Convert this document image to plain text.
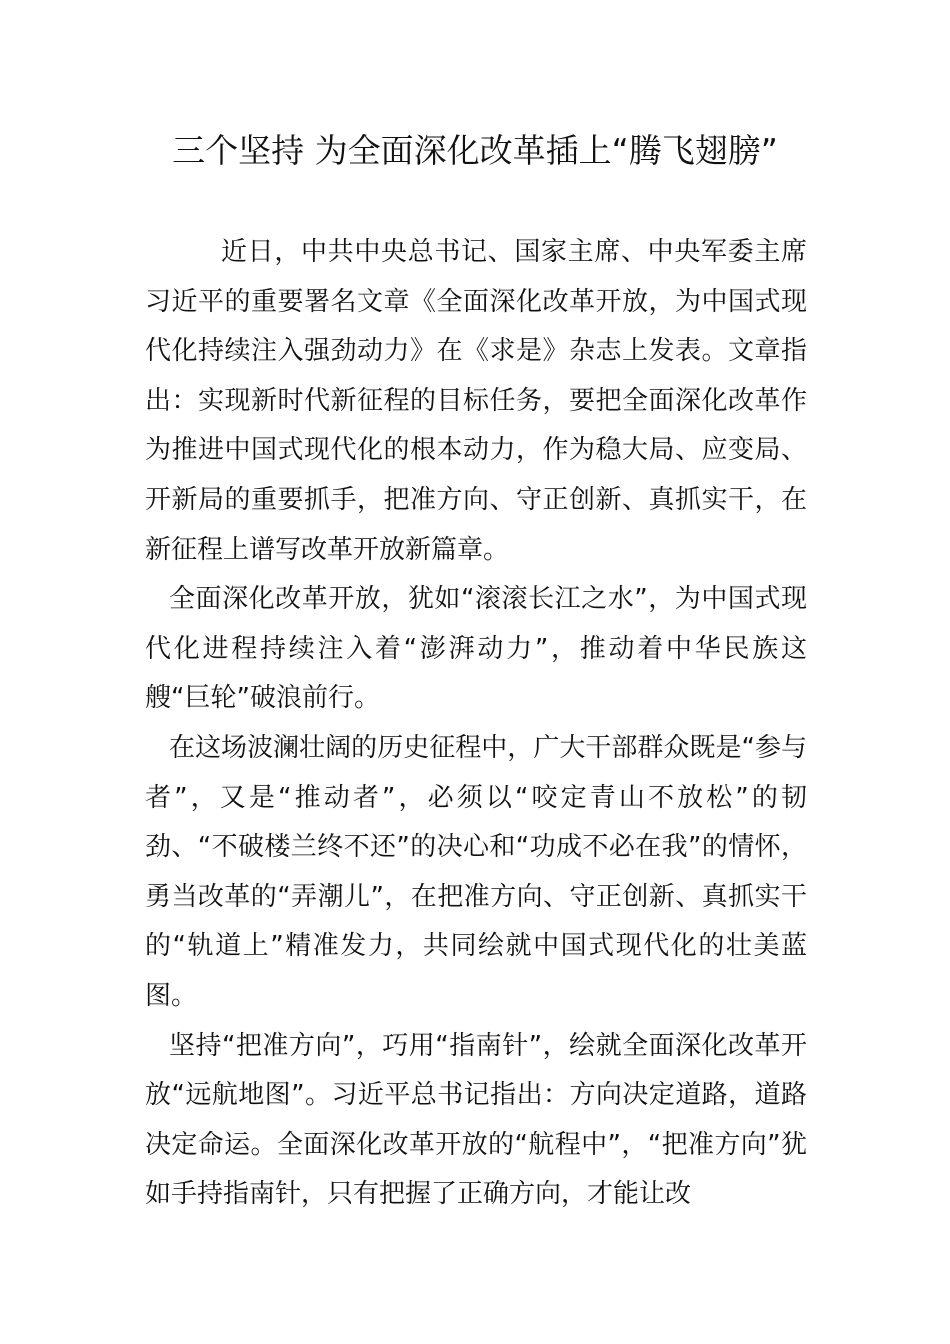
三个坚持 为全面深化改革插上“腾飞翅膀”

近日，中共中央总书记、国家主席、中央军委主席习近平的重要署名文章《全面深化改革开放，为中国式现代化持续注入强劲动力》在《求是》杂志上发表。文章指出：实现新时代新征程的目标任务，要把全面深化改革作为推进中国式现代化的根本动力，作为稳大局、应变局、开新局的重要抓手，把准方向、守正创新、真抓实干，在新征程上谱写改革开放新篇章。

全面深化改革开放，犹如“滚滚长江之水”，为中国式现代化进程持续注入着“澎湃动力”，推动着中华民族这艘“巨轮”破浪前行。

在这场波澜壮阔的历史征程中，广大干部群众既是“参与者”，又是“推动者”，必须以“咬定青山不放松”的韧劲、“不破楼兰终不还”的决心和“功成不必在我”的情怀，勇当改革的“弄潮儿”，在把准方向、守正创新、真抓实干的“轨道上”精准发力，共同绘就中国式现代化的壮美蓝图。

坚持“把准方向”，巧用“指南针”，绘就全面深化改革开放“远航地图”。习近平总书记指出：方向决定道路，道路决定命运。全面深化改革开放的“航程中”，“把准方向”犹如手持指南针，只有把握了正确方向，才能让改
